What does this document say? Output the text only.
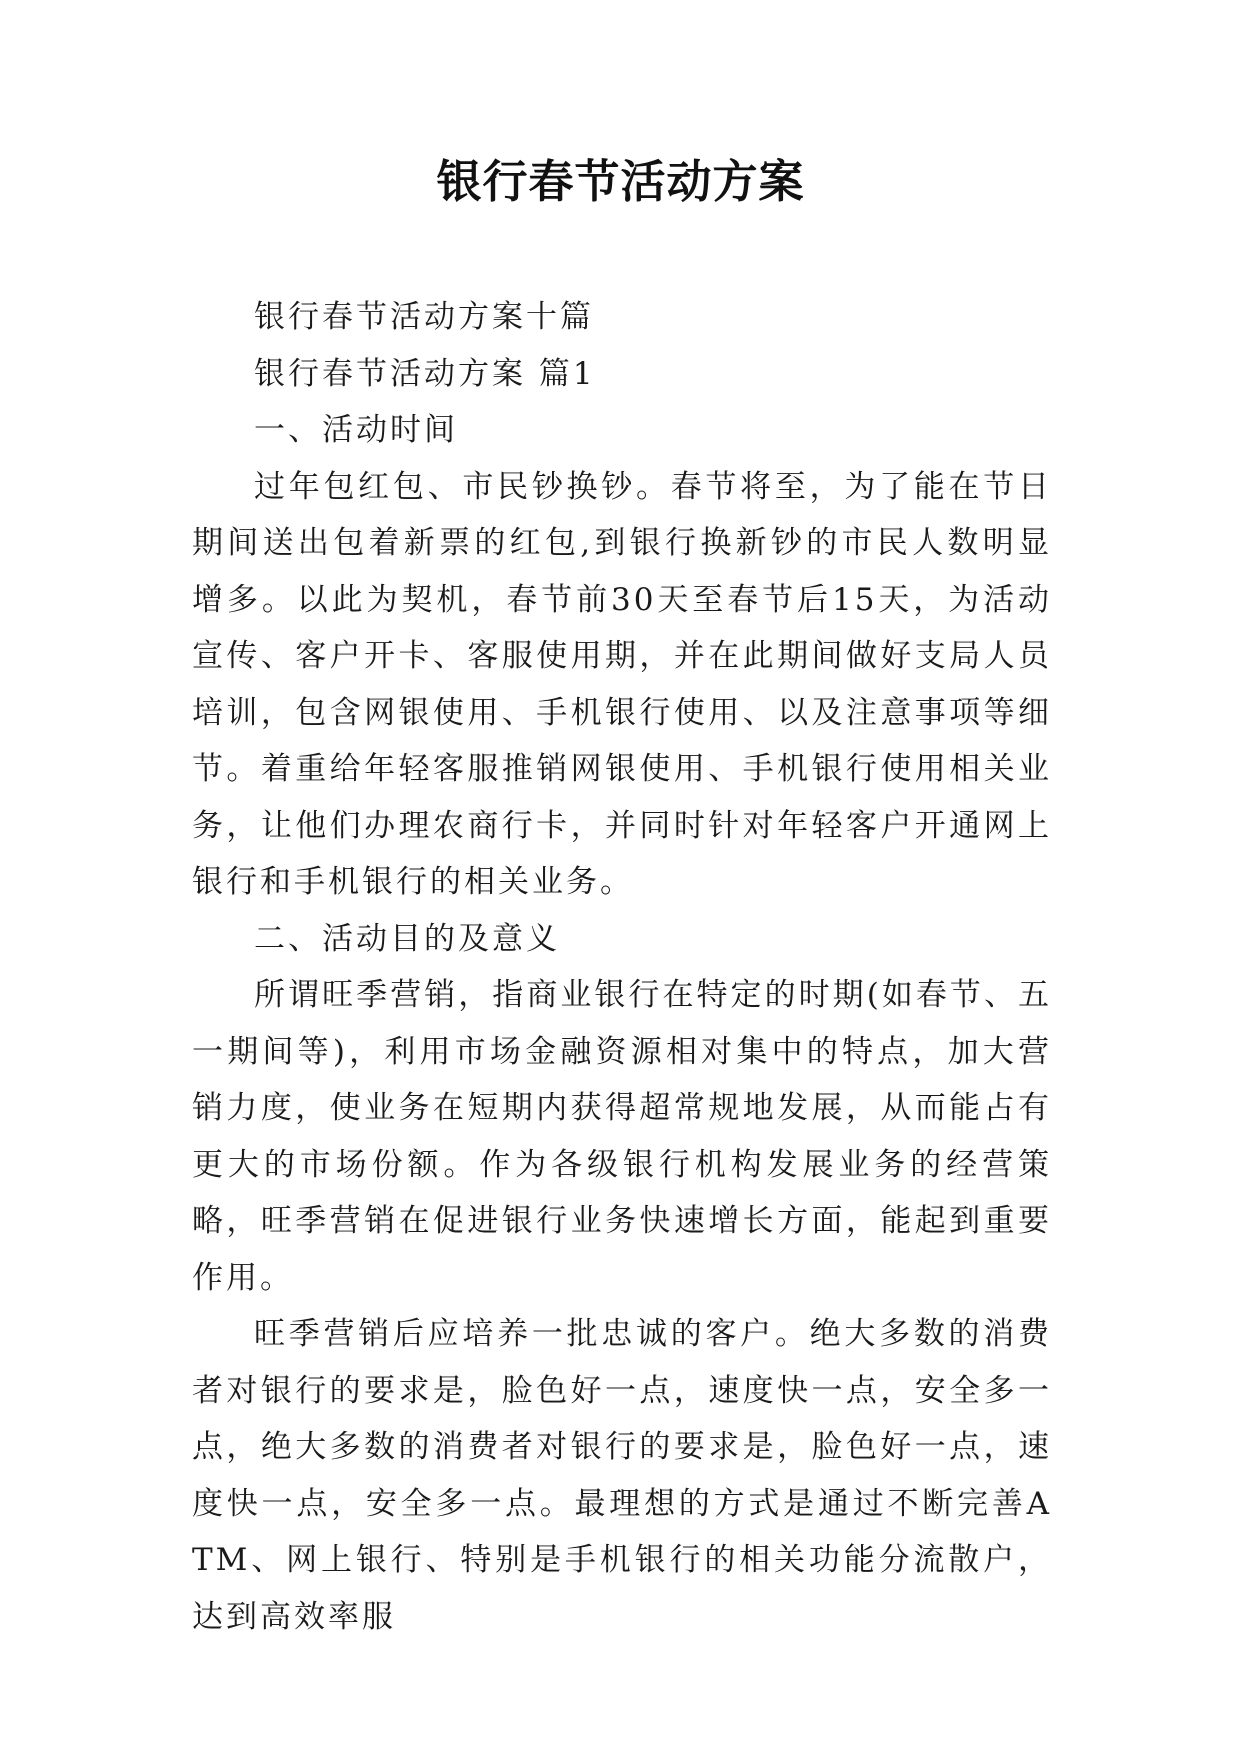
银行春节活动方案

银行春节活动方案十篇

银行春节活动方案 篇1

一、活动时间

过年包红包、市民钞换钞。春节将至，为了能在节日期间送出包着新票的红包,到银行换新钞的市民人数明显增多。以此为契机，春节前30天至春节后15天，为活动宣传、客户开卡、客服使用期，并在此期间做好支局人员培训，包含网银使用、手机银行使用、以及注意事项等细节。着重给年轻客服推销网银使用、手机银行使用相关业务，让他们办理农商行卡，并同时针对年轻客户开通网上银行和手机银行的相关业务。

二、活动目的及意义

所谓旺季营销，指商业银行在特定的时期(如春节、五一期间等)，利用市场金融资源相对集中的特点，加大营销力度，使业务在短期内获得超常规地发展，从而能占有更大的市场份额。作为各级银行机构发展业务的经营策略，旺季营销在促进银行业务快速增长方面，能起到重要作用。

旺季营销后应培养一批忠诚的客户。绝大多数的消费者对银行的要求是，脸色好一点，速度快一点，安全多一点，绝大多数的消费者对银行的要求是，脸色好一点，速度快一点，安全多一点。最理想的方式是通过不断完善ATM、网上银行、特别是手机银行的相关功能分流散户，达到高效率服
